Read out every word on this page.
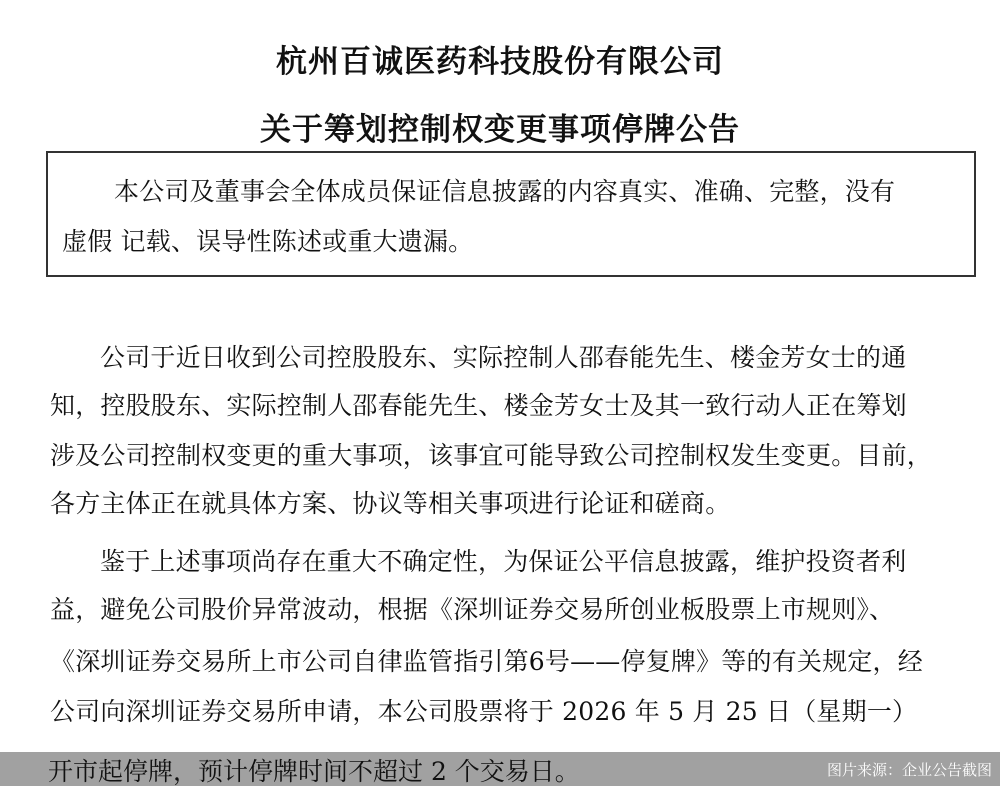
杭州百诚医药科技股份有限公司
关于筹划控制权变更事项停牌公告
本公司及董事会全体成员保证信息披露的内容真实、准确、完整，没有
虚假 记载、误导性陈述或重大遗漏。
公司于近日收到公司控股股东、实际控制人邵春能先生、楼金芳女士的通
知，控股股东、实际控制人邵春能先生、楼金芳女士及其一致行动人正在筹划
涉及公司控制权变更的重大事项，该事宜可能导致公司控制权发生变更。目前，
各方主体正在就具体方案、协议等相关事项进行论证和磋商。
鉴于上述事项尚存在重大不确定性，为保证公平信息披露，维护投资者利
益，避免公司股价异常波动，根据《深圳证券交易所创业板股票上市规则》、
《深圳证券交易所上市公司自律监管指引第6号——停复牌》等的有关规定，经
公司向深圳证券交易所申请，本公司股票将于 2026 年 5 月 25 日（星期一）
开市起停牌，预计停牌时间不超过 2 个交易日。	图片来源：企业公告截图
